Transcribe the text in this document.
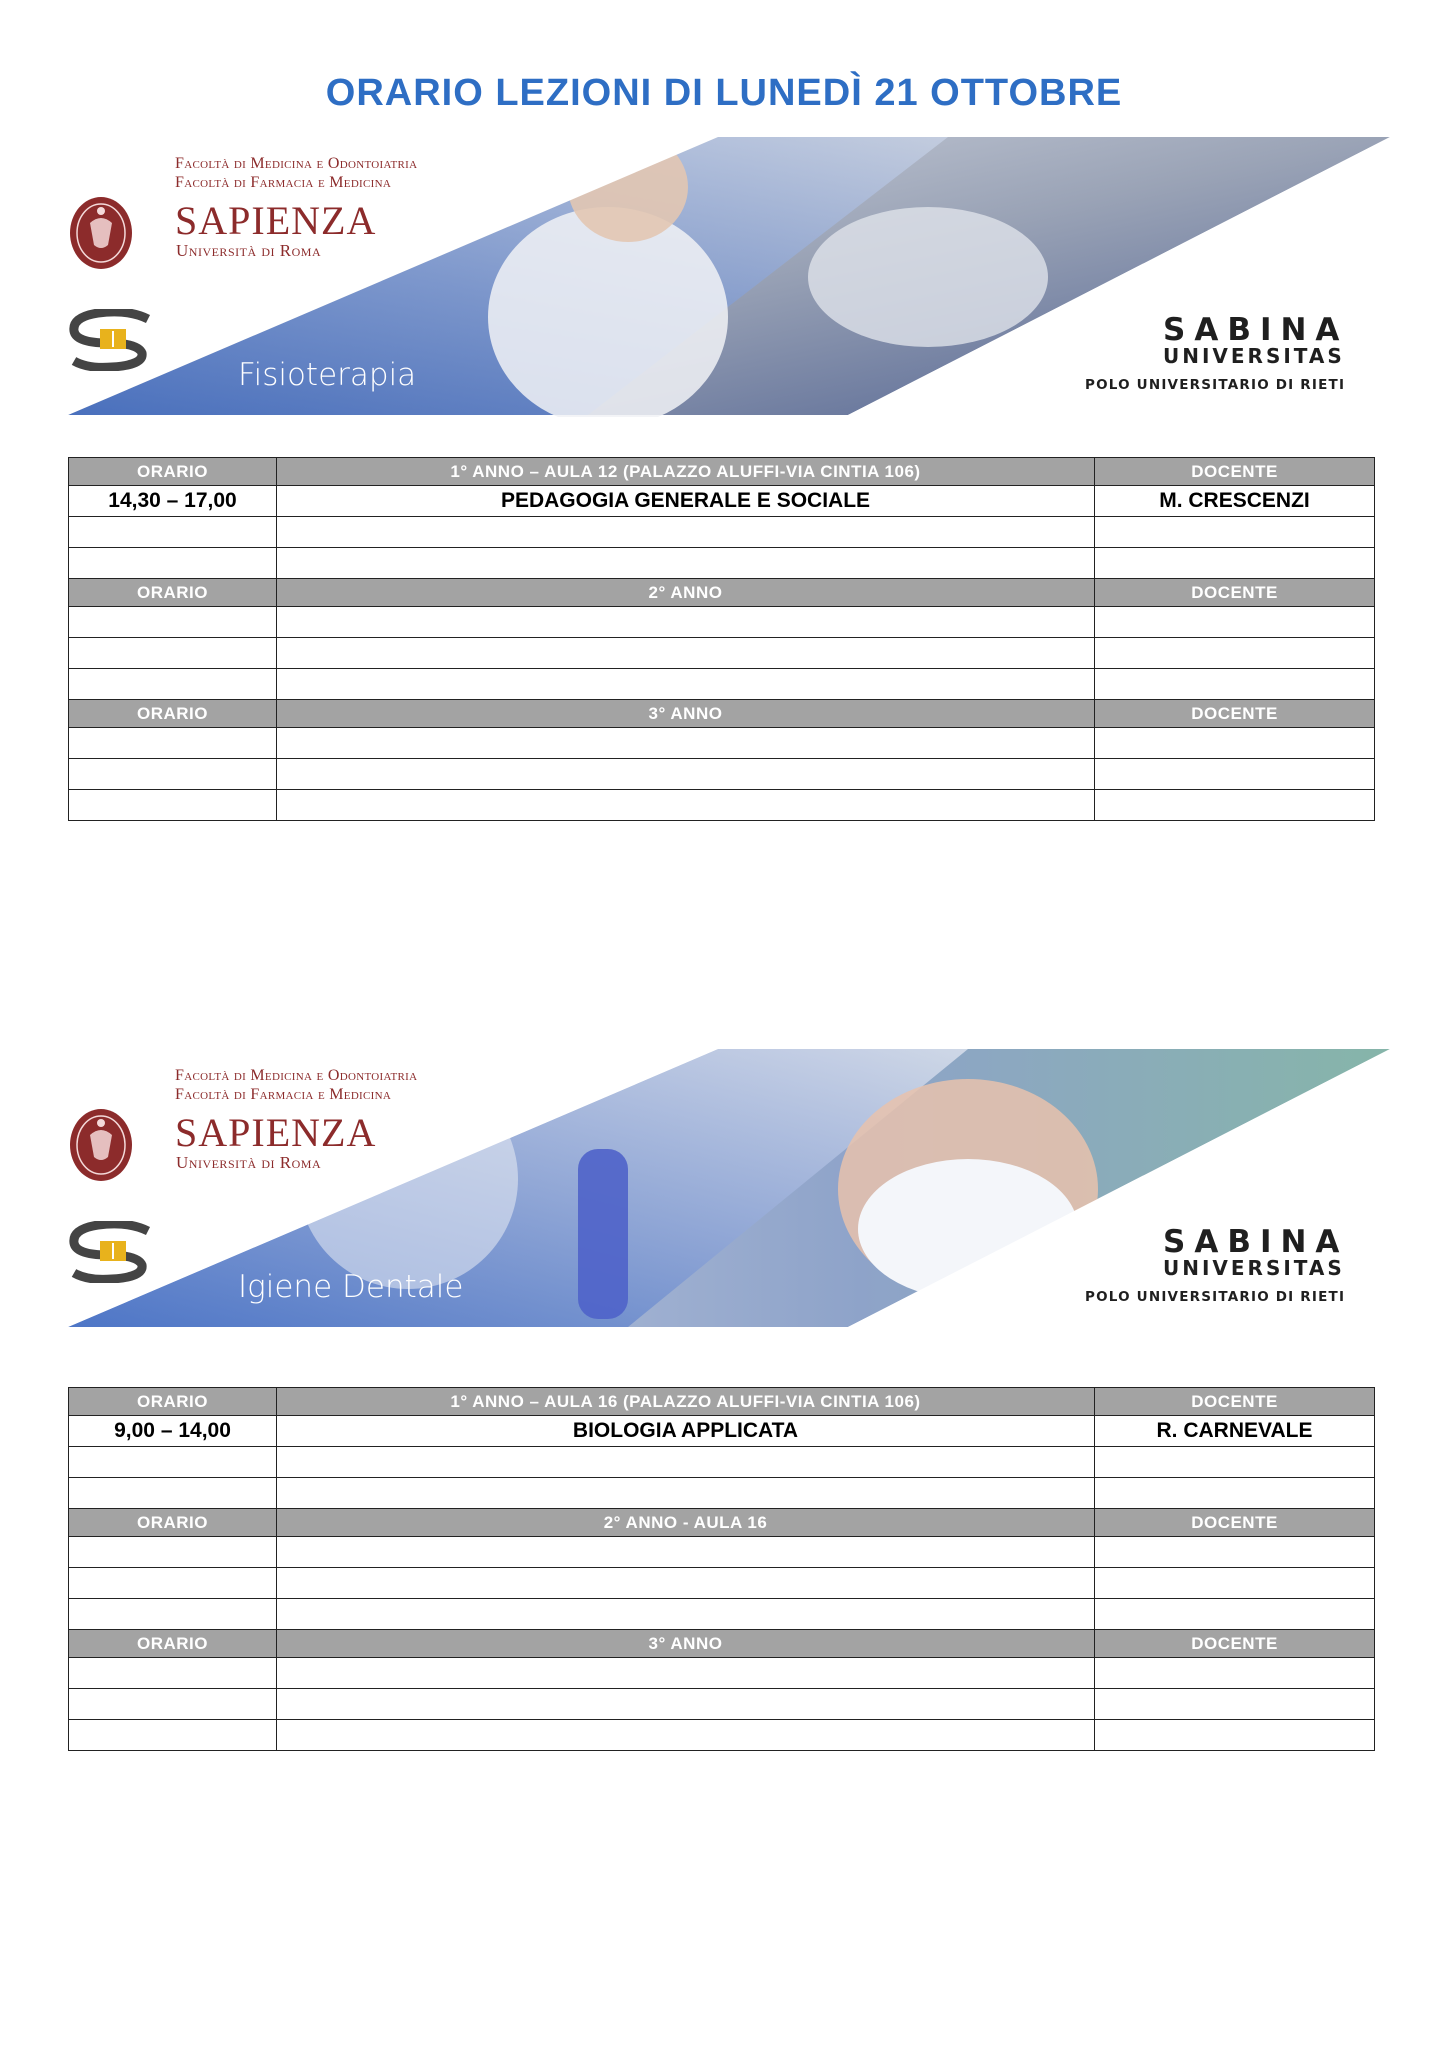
ORARIO LEZIONI DI LUNEDÌ 21 OTTOBRE
Facoltà di Medicina e Odontoiatria
Facoltà di Farmacia e Medicina
SAPIENZA
Università di Roma
Fisioterapia
SABINA
UNIVERSITAS
POLO UNIVERSITARIO DI RIETI
ORARIO	1° ANNO – AULA 12 (PALAZZO ALUFFI-VIA CINTIA 106)	DOCENTE
14,30 – 17,00	PEDAGOGIA GENERALE E SOCIALE	M. CRESCENZI

ORARIO	2° ANNO	DOCENTE

ORARIO	3° ANNO	DOCENTE

Facoltà di Medicina e Odontoiatria
Facoltà di Farmacia e Medicina
SAPIENZA
Università di Roma
Igiene Dentale
SABINA
UNIVERSITAS
POLO UNIVERSITARIO DI RIETI
ORARIO	1° ANNO – AULA 16 (PALAZZO ALUFFI-VIA CINTIA 106)	DOCENTE
9,00 – 14,00	BIOLOGIA APPLICATA	R. CARNEVALE

ORARIO	2° ANNO - AULA 16	DOCENTE

ORARIO	3° ANNO	DOCENTE
